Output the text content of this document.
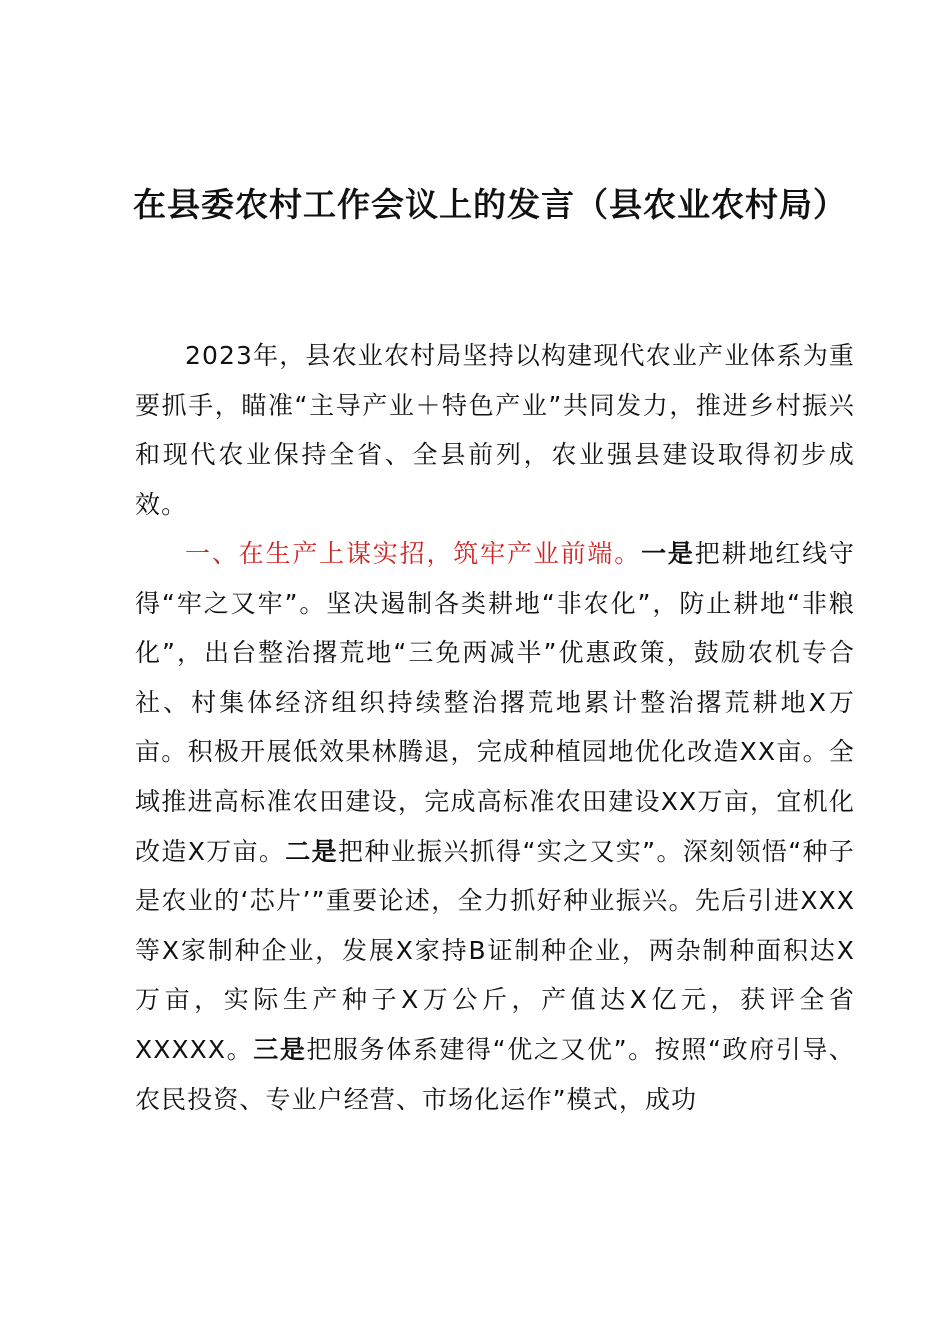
在县委农村工作会议上的发言（县农业农村局）
2023年，县农业农村局坚持以构建现代农业产业体系为重要抓手，瞄准“主导产业＋特色产业”共同发力，推进乡村振兴和现代农业保持全省、全县前列，农业强县建设取得初步成效。
一、在生产上谋实招，筑牢产业前端。一是把耕地红线守得“牢之又牢”。坚决遏制各类耕地“非农化”，防止耕地“非粮化”，出台整治撂荒地“三免两减半”优惠政策，鼓励农机专合社、村集体经济组织持续整治撂荒地累计整治撂荒耕地X万亩。积极开展低效果林腾退，完成种植园地优化改造XX亩。全域推进高标准农田建设，完成高标准农田建设XX万亩，宜机化改造X万亩。二是把种业振兴抓得“实之又实”。深刻领悟“种子是农业的‘芯片’”重要论述，全力抓好种业振兴。先后引进XXX等X家制种企业，发展X家持B证制种企业，两杂制种面积达X万亩，实际生产种子X万公斤，产值达X亿元，获评全省XXXXX。三是把服务体系建得“优之又优”。按照“政府引导、农民投资、专业户经营、市场化运作”模式，成功
